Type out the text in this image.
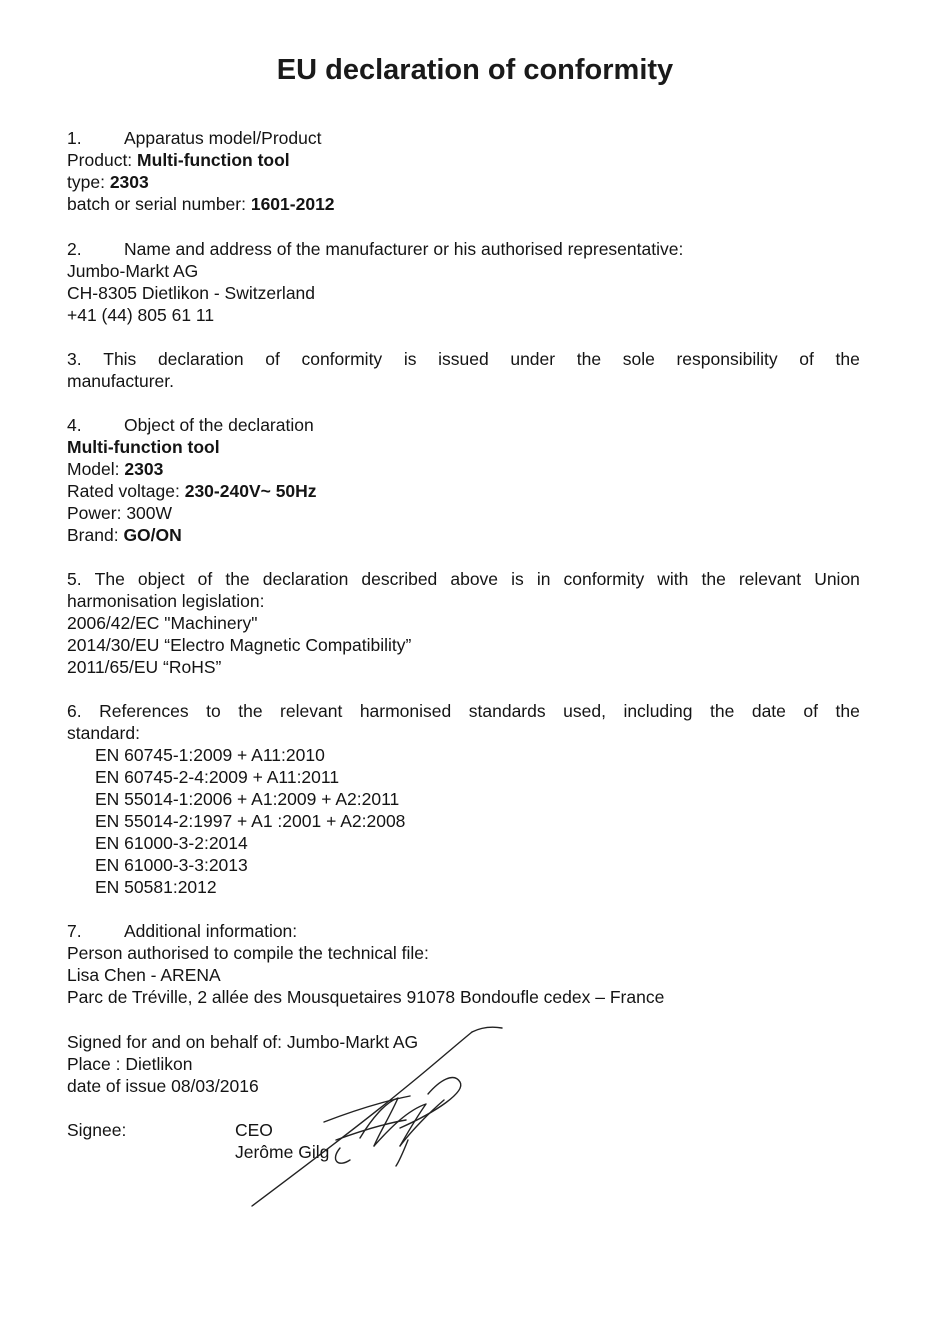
EU declaration of conformity
1. Apparatus model/Product
Product: Multi-function tool
type: 2303
batch or serial number: 1601-2012
2. Name and address of the manufacturer or his authorised representative:
Jumbo-Markt AG
CH-8305 Dietlikon - Switzerland
+41 (44) 805 61 11
3. This declaration of conformity is issued under the sole responsibility of the
manufacturer.
4. Object of the declaration
Multi-function tool
Model: 2303
Rated voltage: 230-240V~ 50Hz
Power: 300W
Brand: GO/ON
5. The object of the declaration described above is in conformity with the relevant Union
harmonisation legislation:
2006/42/EC "Machinery"
2014/30/EU “Electro Magnetic Compatibility”
2011/65/EU “RoHS”
6. References to the relevant harmonised standards used, including the date of the
standard:
EN 60745-1:2009 + A11:2010
EN 60745-2-4:2009 + A11:2011
EN 55014-1:2006 + A1:2009 + A2:2011
EN 55014-2:1997 + A1 :2001 + A2:2008
EN 61000-3-2:2014
EN 61000-3-3:2013
EN 50581:2012
7. Additional information:
Person authorised to compile the technical file:
Lisa Chen - ARENA
Parc de Tréville, 2 allée des Mousquetaires 91078 Bondoufle cedex – France
Signed for and on behalf of: Jumbo-Markt AG
Place : Dietlikon
date of issue 08/03/2016
Signee:	CEO
Jerôme Gilg
